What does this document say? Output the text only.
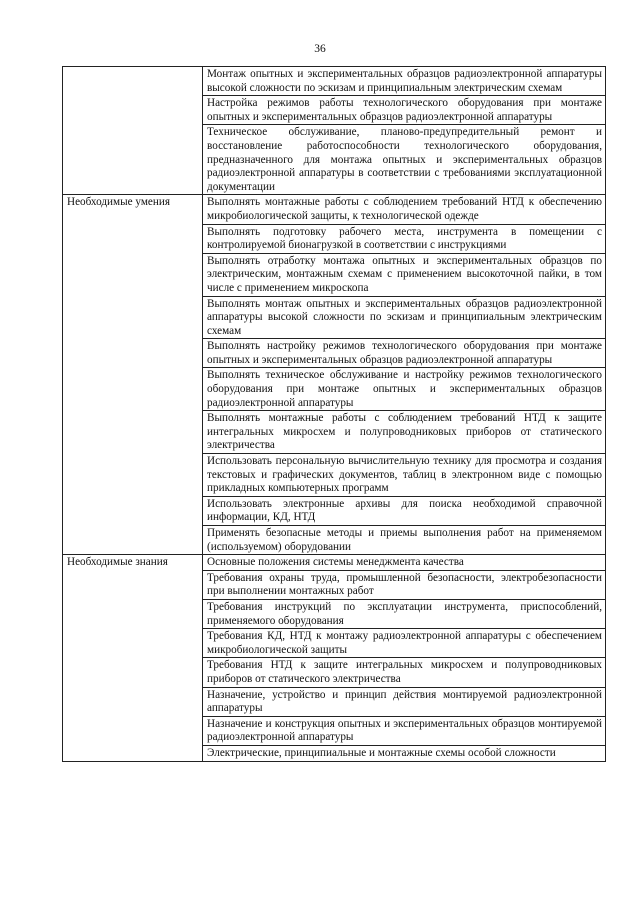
36

	Монтаж опытных и экспериментальных образцов радиоэлектронной аппаратуры высокой сложности по эскизам и принципиальным электрическим схемам

	Настройка режимов работы технологического оборудования при монтаже опытных и экспериментальных образцов радиоэлектронной аппаратуры

	Техническое обслуживание, планово-предупредительный ремонт и восстановление работоспособности технологического оборудования, предназначенного для монтажа опытных и экспериментальных образцов радиоэлектронной аппаратуры в соответствии с требованиями эксплуатационной документации

Необходимые умения	Выполнять монтажные работы с соблюдением требований НТД к обеспечению микробиологической защиты, к технологической одежде

	Выполнять подготовку рабочего места, инструмента в помещении с контролируемой бионагрузкой в соответствии с инструкциями

	Выполнять отработку монтажа опытных и экспериментальных образцов по электрическим, монтажным схемам с применением высокоточной пайки, в том числе с применением микроскопа

	Выполнять монтаж опытных и экспериментальных образцов радиоэлектронной аппаратуры высокой сложности по эскизам и принципиальным электрическим схемам

	Выполнять настройку режимов технологического оборудования при монтаже опытных и экспериментальных образцов радиоэлектронной аппаратуры

	Выполнять техническое обслуживание и настройку режимов технологического оборудования при монтаже опытных и экспериментальных образцов радиоэлектронной аппаратуры

	Выполнять монтажные работы с соблюдением требований НТД к защите интегральных микросхем и полупроводниковых приборов от статического электричества

	Использовать персональную вычислительную технику для просмотра и создания текстовых и графических документов, таблиц в электронном виде с помощью прикладных компьютерных программ

	Использовать электронные архивы для поиска необходимой справочной информации, КД, НТД

	Применять безопасные методы и приемы выполнения работ на применяемом (используемом) оборудовании

Необходимые знания	Основные положения системы менеджмента качества

	Требования охраны труда, промышленной безопасности, электробезопасности при выполнении монтажных работ

	Требования инструкций по эксплуатации инструмента, приспособлений, применяемого оборудования

	Требования КД, НТД к монтажу радиоэлектронной аппаратуры с обеспечением микробиологической защиты

	Требования НТД к защите интегральных микросхем и полупроводниковых приборов от статического электричества

	Назначение, устройство и принцип действия монтируемой радиоэлектронной аппаратуры

	Назначение и конструкция опытных и экспериментальных образцов монтируемой радиоэлектронной аппаратуры

	Электрические, принципиальные и монтажные схемы особой сложности
